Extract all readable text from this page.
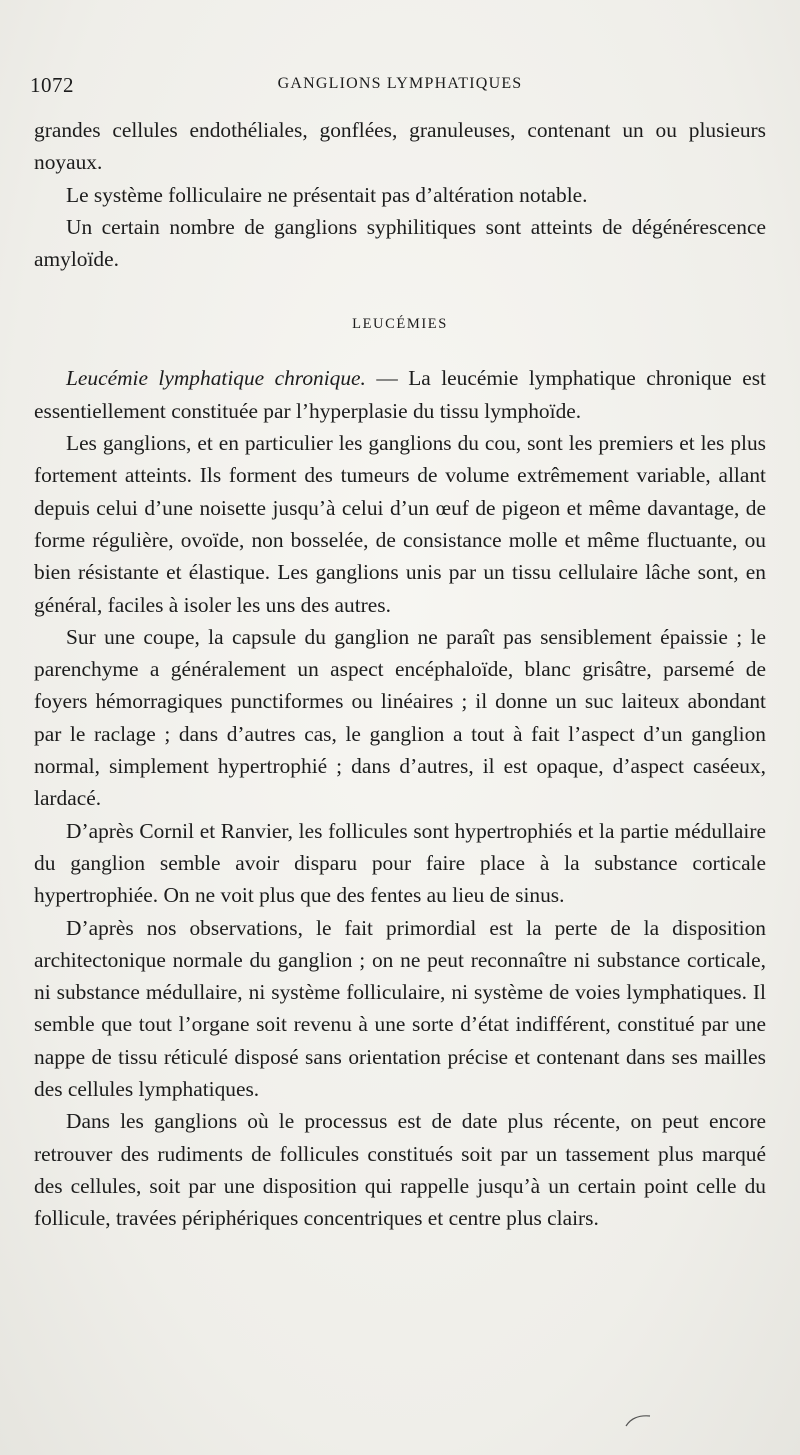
1072	GANGLIONS LYMPHATIQUES

grandes cellules endothéliales, gonflées, granuleuses, contenant un ou plusieurs noyaux.

Le système folliculaire ne présentait pas d’altération notable.

Un certain nombre de ganglions syphilitiques sont atteints de dégénérescence amyloïde.

LEUCÉMIES

Leucémie lymphatique chronique. — La leucémie lymphatique chronique est essentiellement constituée par l’hyperplasie du tissu lymphoïde.

Les ganglions, et en particulier les ganglions du cou, sont les premiers et les plus fortement atteints. Ils forment des tumeurs de volume extrêmement variable, allant depuis celui d’une noisette jusqu’à celui d’un œuf de pigeon et même davantage, de forme régulière, ovoïde, non bosselée, de consistance molle et même fluctuante, ou bien résistante et élastique. Les ganglions unis par un tissu cellulaire lâche sont, en général, faciles à isoler les uns des autres.

Sur une coupe, la capsule du ganglion ne paraît pas sensiblement épaissie ; le parenchyme a généralement un aspect encéphaloïde, blanc grisâtre, parsemé de foyers hémorragiques punctiformes ou linéaires ; il donne un suc laiteux abondant par le raclage ; dans d’autres cas, le ganglion a tout à fait l’aspect d’un ganglion normal, simplement hypertrophié ; dans d’autres, il est opaque, d’aspect caséeux, lardacé.

D’après Cornil et Ranvier, les follicules sont hypertrophiés et la partie médullaire du ganglion semble avoir disparu pour faire place à la substance corticale hypertrophiée. On ne voit plus que des fentes au lieu de sinus.

D’après nos observations, le fait primordial est la perte de la disposition architectonique normale du ganglion ; on ne peut reconnaître ni substance corticale, ni substance médullaire, ni système folliculaire, ni système de voies lymphatiques. Il semble que tout l’organe soit revenu à une sorte d’état indifférent, constitué par une nappe de tissu réticulé disposé sans orientation précise et contenant dans ses mailles des cellules lymphatiques.

Dans les ganglions où le processus est de date plus récente, on peut encore retrouver des rudiments de follicules constitués soit par un tassement plus marqué des cellules, soit par une disposition qui rappelle jusqu’à un certain point celle du follicule, travées périphériques concentriques et centre plus clairs.
